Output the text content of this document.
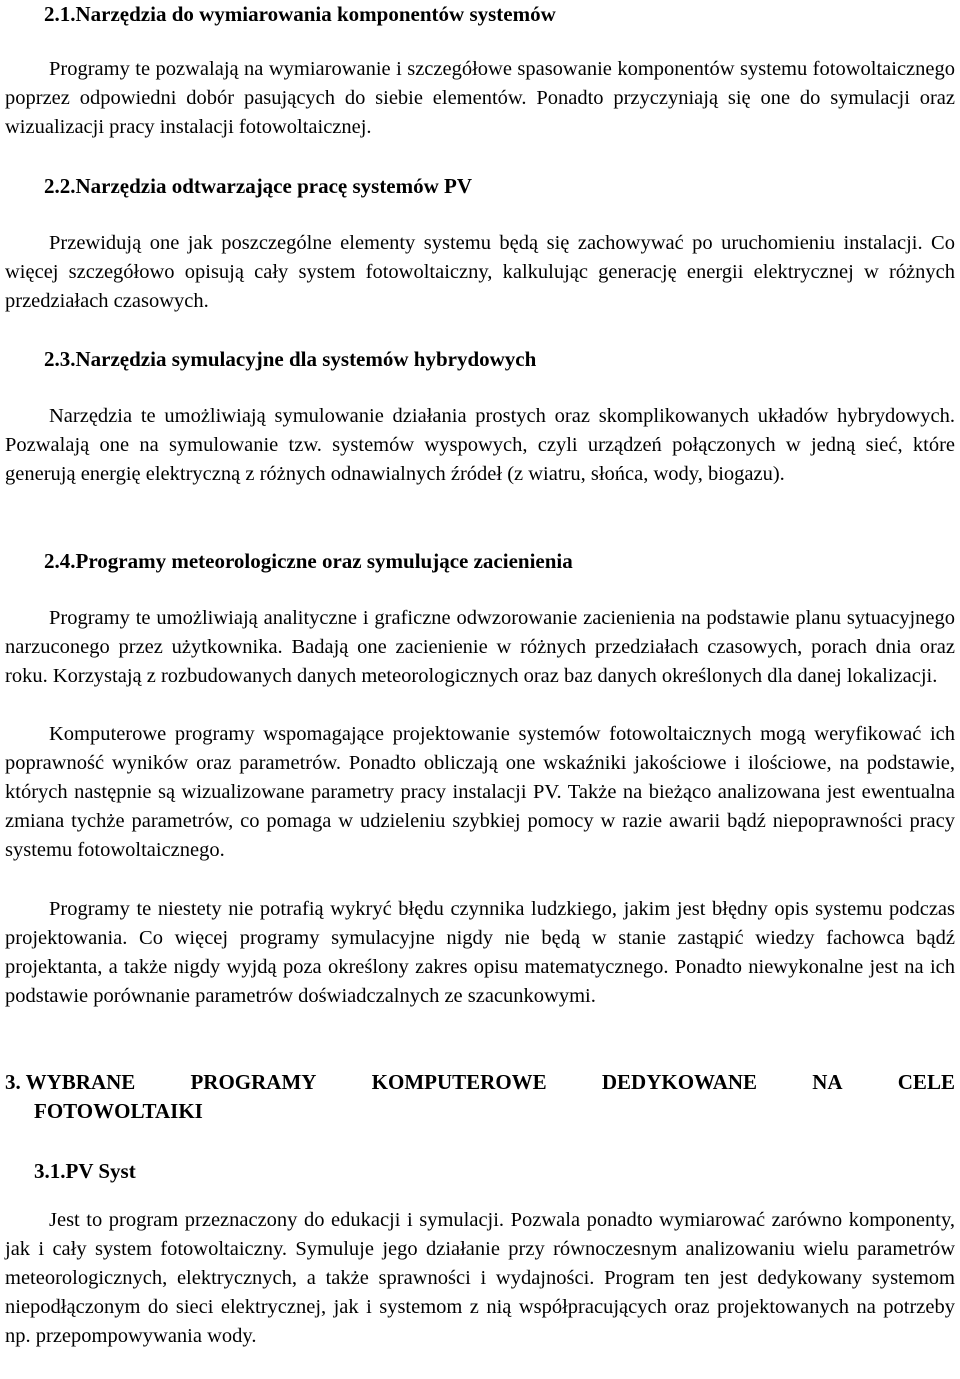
2.1.Narzędzia do wymiarowania komponentów systemów
Programy te pozwalają na wymiarowanie i szczegółowe spasowanie komponentów systemu fotowoltaicznego poprzez odpowiedni dobór pasujących do siebie elementów. Ponadto przyczyniają się one do symulacji oraz wizualizacji pracy instalacji fotowoltaicznej.
2.2.Narzędzia odtwarzające pracę systemów PV
Przewidują one jak poszczególne elementy systemu będą się zachowywać po uruchomieniu instalacji. Co więcej szczegółowo opisują cały system fotowoltaiczny, kalkulując generację energii elektrycznej w różnych przedziałach czasowych.
2.3.Narzędzia symulacyjne dla systemów hybrydowych
Narzędzia te umożliwiają symulowanie działania prostych oraz skomplikowanych układów hybrydowych. Pozwalają one na symulowanie tzw. systemów wyspowych, czyli urządzeń połączonych w jedną sieć, które generują energię elektryczną z różnych odnawialnych źródeł (z wiatru, słońca, wody, biogazu).
2.4.Programy meteorologiczne oraz symulujące zacienienia
Programy te umożliwiają analityczne i graficzne odwzorowanie zacienienia na podstawie planu sytuacyjnego narzuconego przez użytkownika. Badają one zacienienie w różnych przedziałach czasowych, porach dnia oraz roku. Korzystają z rozbudowanych danych meteorologicznych oraz baz danych określonych dla danej lokalizacji.
Komputerowe programy wspomagające projektowanie systemów fotowoltaicznych mogą weryfikować ich poprawność wyników oraz parametrów. Ponadto obliczają one wskaźniki jakościowe i ilościowe, na podstawie, których następnie są wizualizowane parametry pracy instalacji PV. Także na bieżąco analizowana jest ewentualna zmiana tychże parametrów, co pomaga w udzieleniu szybkiej pomocy w razie awarii bądź niepoprawności pracy systemu fotowoltaicznego.
Programy te niestety nie potrafią wykryć błędu czynnika ludzkiego, jakim jest błędny opis systemu podczas projektowania. Co więcej programy symulacyjne nigdy nie będą w stanie zastąpić wiedzy fachowca bądź projektanta, a także nigdy wyjdą poza określony zakres opisu matematycznego. Ponadto niewykonalne jest na ich podstawie porównanie parametrów doświadczalnych ze szacunkowymi.
3. WYBRANE	PROGRAMY	KOMPUTEROWE	DEDYKOWANE	NA	CELE
FOTOWOLTAIKI
3.1.PV Syst
Jest to program przeznaczony do edukacji i symulacji. Pozwala ponadto wymiarować zarówno komponenty, jak i cały system fotowoltaiczny. Symuluje jego działanie przy równoczesnym analizowaniu wielu parametrów meteorologicznych, elektrycznych, a także sprawności i wydajności. Program ten jest dedykowany systemom niepodłączonym do sieci elektrycznej, jak i systemom z nią współpracujących oraz projektowanych na potrzeby np. przepompowywania wody.
